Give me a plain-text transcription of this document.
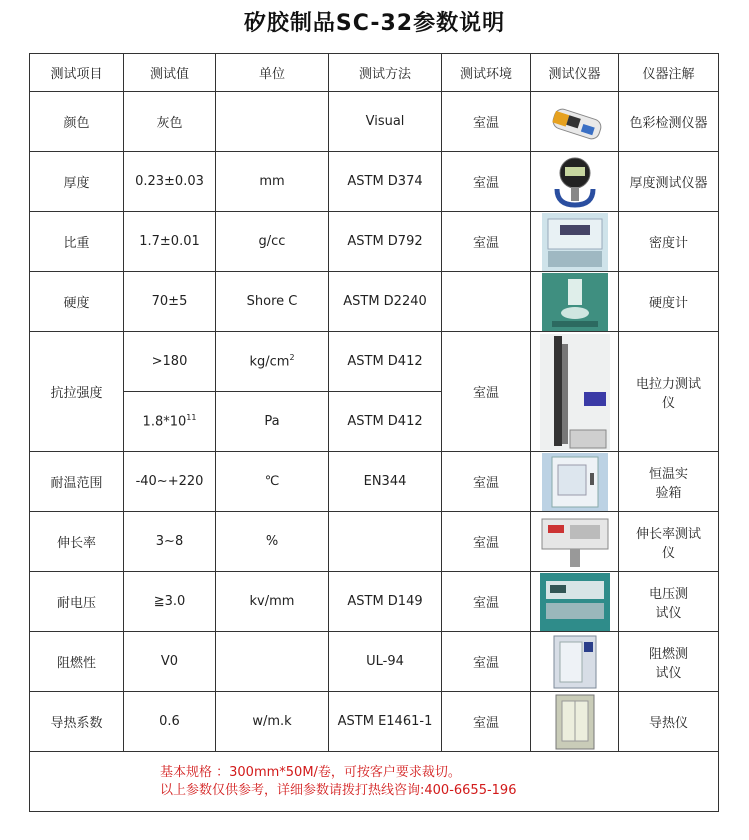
矽胶制品SC-32参数说明
测试项目	测试值	单位	测试方法	测试环境	测试仪器	仪器注解
颜色	灰色		Visual	室温		色彩检测仪器
厚度	0.23±0.03	mm	ASTM D374	室温		厚度测试仪器
比重	1.7±0.01	g/cc	ASTM D792	室温		密度计
硬度	70±5	Shore C	ASTM D2240			硬度计
抗拉强度	>180	$kg/cm^2$	ASTM D412	室温		电拉力测试仪
	$1.8*10^{11}$	Pa	ASTM D412			
耐温范围	-40~+220	℃	EN344	室温		恒温实验箱
伸长率	3~8	%		室温		伸长率测试仪
耐电压	≧3.0	kv/mm	ASTM D149	室温		电压测试仪
阻燃性	V0		UL-94	室温		阻燃测试仪
导热系数	0.6	w/m.k	ASTM E1461-1	室温		导热仪

基本规格 ：300mm*50M/卷，可按客户要求裁切。
以上参数仅供参考，详细参数请拨打热线咨询:400-6655-196						
